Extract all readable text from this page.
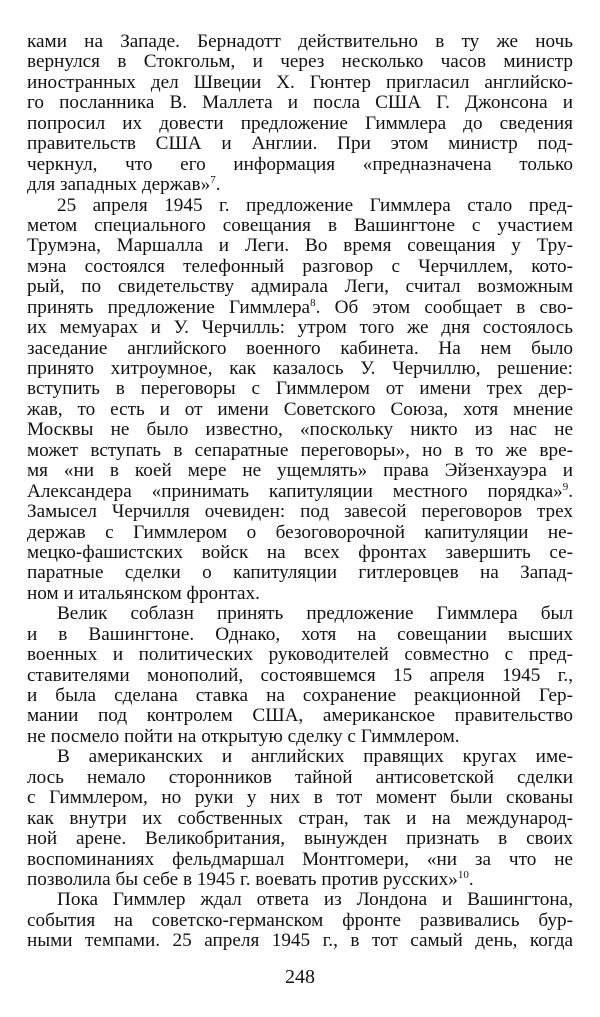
ками на Западе. Бернадотт действительно в ту же ночь
вернулся в Стокгольм, и через несколько часов министр
иностранных дел Швеции X. Гюнтер пригласил английско-
го посланника В. Маллета и посла США Г. Джонсона и
попросил их довести предложение Гиммлера до сведения
правительств США и Англии. При этом министр под-
черкнул, что его информация «предназначена только
для западных держав»$^7$.
25 апреля 1945 г. предложение Гиммлера стало пред-
метом специального совещания в Вашингтоне с участием
Трумэна, Маршалла и Леги. Во время совещания у Тру-
мэна состоялся телефонный разговор с Черчиллем, кото-
рый, по свидетельству адмирала Леги, считал возможным
принять предложение Гиммлера$^8$. Об этом сообщает в сво-
их мемуарах и У. Черчилль: утром того же дня состоялось
заседание английского военного кабинета. На нем было
принято хитроумное, как казалось У. Черчиллю, решение:
вступить в переговоры с Гиммлером от имени трех дер-
жав, то есть и от имени Советского Союза, хотя мнение
Москвы не было известно, «поскольку никто из нас не
может вступать в сепаратные переговоры», но в то же вре-
мя «ни в коей мере не ущемлять» права Эйзенхауэра и
Александера «принимать капитуляции местного порядка»$^9$.
Замысел Черчилля очевиден: под завесой переговоров трех
держав с Гиммлером о безоговорочной капитуляции не-
мецко-фашистских войск на всех фронтах завершить се-
паратные сделки о капитуляции гитлеровцев на Запад-
ном и итальянском фронтах.
Велик соблазн принять предложение Гиммлера был
и в Вашингтоне. Однако, хотя на совещании высших
военных и политических руководителей совместно с пред-
ставителями монополий, состоявшемся 15 апреля 1945 г.,
и была сделана ставка на сохранение реакционной Гер-
мании под контролем США, американское правительство
не посмело пойти на открытую сделку с Гиммлером.
В американских и английских правящих кругах име-
лось немало сторонников тайной антисоветской сделки
с Гиммлером, но руки у них в тот момент были скованы
как внутри их собственных стран, так и на международ-
ной арене. Великобритания, вынужден признать в своих
воспоминаниях фельдмаршал Монтгомери, «ни за что не
позволила бы себе в 1945 г. воевать против русских»$^{10}$.
Пока Гиммлер ждал ответа из Лондона и Вашингтона,
события на советско-германском фронте развивались бур-
ными темпами. 25 апреля 1945 г., в тот самый день, когда
248
